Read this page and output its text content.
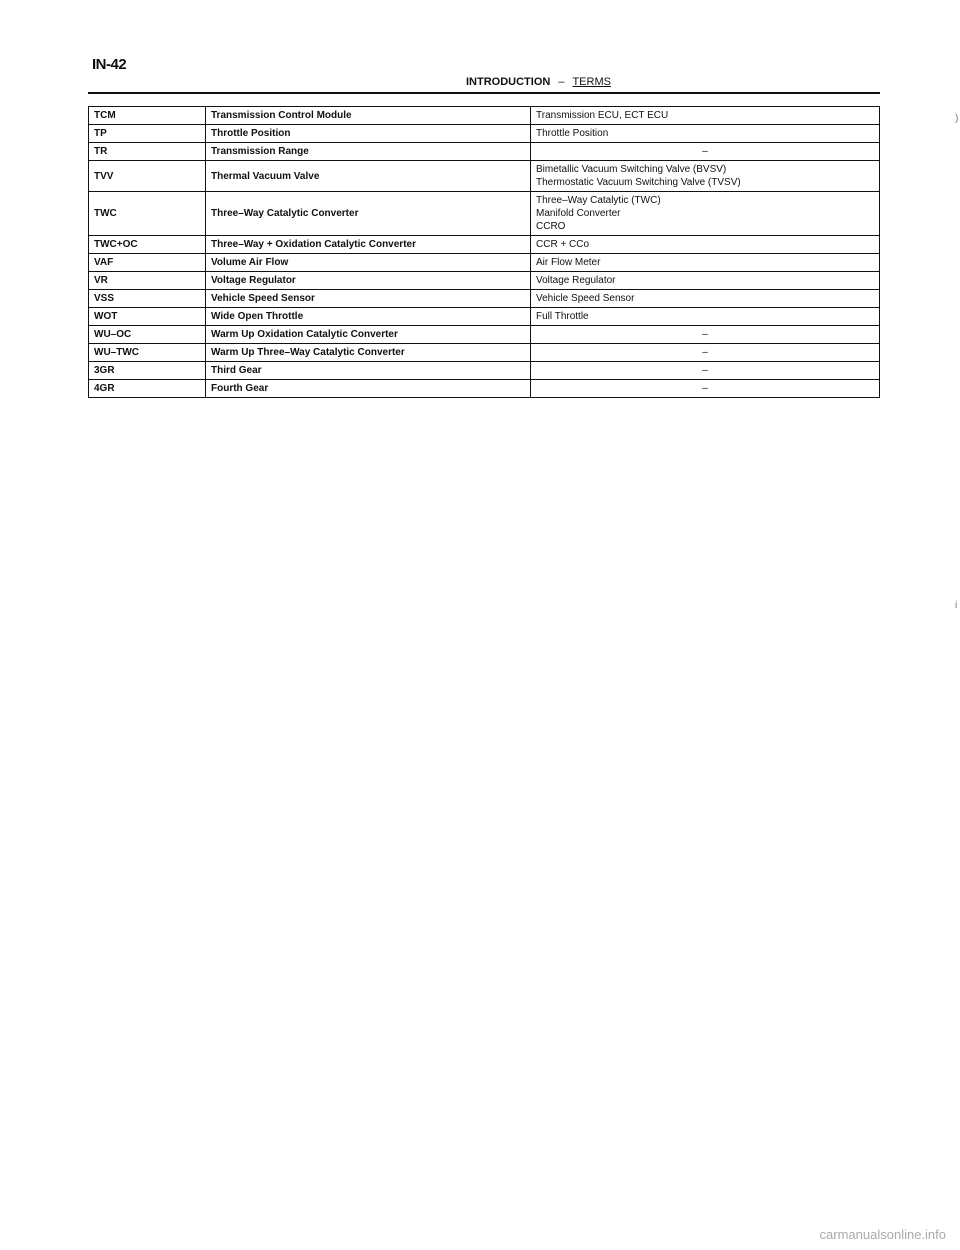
IN-42
INTRODUCTION – TERMS
TCM	Transmission Control Module	Transmission ECU, ECT ECU

TP	Throttle Position	Throttle Position

TR	Transmission Range	–

TVV	Thermal Vacuum Valve	Bimetallic Vacuum Switching Valve (BVSV)
Thermostatic Vacuum Switching Valve (TVSV)

TWC	Three–Way Catalytic Converter	Three–Way Catalytic (TWC)
Manifold Converter
CCRO

TWC+OC	Three–Way + Oxidation Catalytic Converter	CCR + CCo

VAF	Volume Air Flow	Air Flow Meter

VR	Voltage Regulator	Voltage Regulator

VSS	Vehicle Speed Sensor	Vehicle Speed Sensor

WOT	Wide Open Throttle	Full Throttle

WU–OC	Warm Up Oxidation Catalytic Converter	–

WU–TWC	Warm Up Three–Way Catalytic Converter	–

3GR	Third Gear	–

4GR	Fourth Gear	–
)
i
carmanualsonline.info
